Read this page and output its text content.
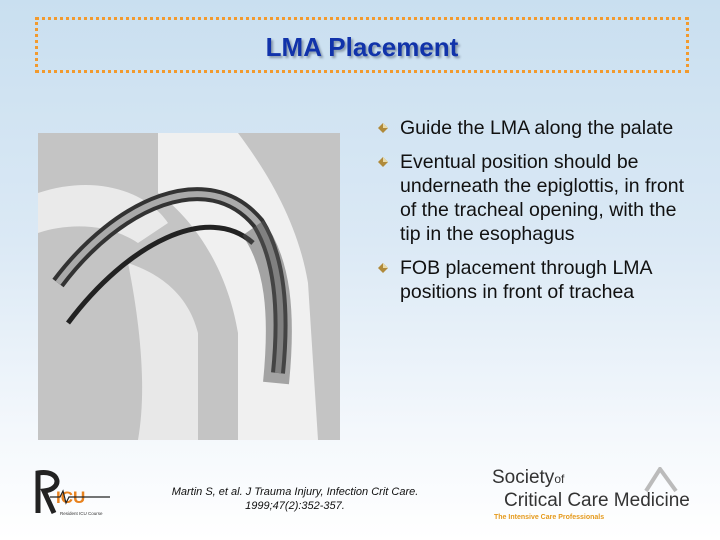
LMA Placement
Guide the LMA along the palate
Eventual position should be underneath the epiglottis, in front of the tracheal opening, with the tip in the esophagus
FOB placement through LMA positions in front of trachea
ICU
Resident ICU Course
Martin S, et al. J Trauma Injury, Infection Crit Care.
1999;47(2):352-357.
Societyof
Critical Care Medicine
The Intensive Care Professionals
